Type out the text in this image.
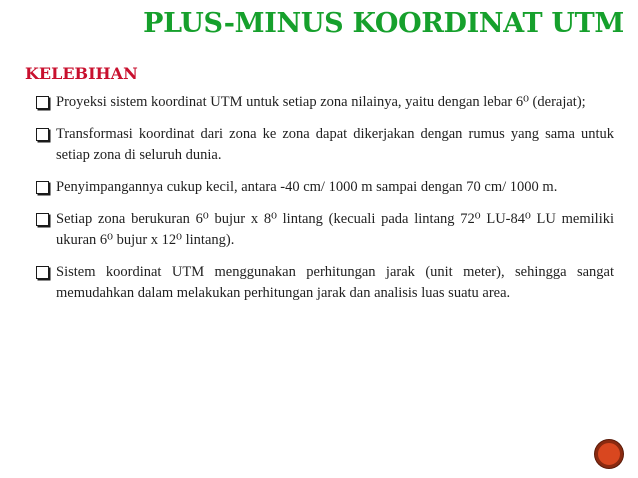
PLUS-MINUS KOORDINAT UTM
KELEBIHAN
Proyeksi sistem koordinat UTM untuk setiap zona nilainya, yaitu dengan lebar 6⁰ (derajat);
Transformasi koordinat dari zona ke zona dapat dikerjakan dengan rumus yang sama untuk setiap zona di seluruh dunia.
Penyimpangannya cukup kecil, antara -40 cm/ 1000 m sampai dengan 70 cm/ 1000 m.
Setiap zona berukuran 6⁰ bujur x 8⁰ lintang (kecuali pada lintang 72⁰ LU-84⁰ LU memiliki ukuran 6⁰ bujur x 12⁰ lintang).
Sistem koordinat UTM menggunakan perhitungan jarak (unit meter), sehingga sangat memudahkan dalam melakukan perhitungan jarak dan analisis luas suatu area.
